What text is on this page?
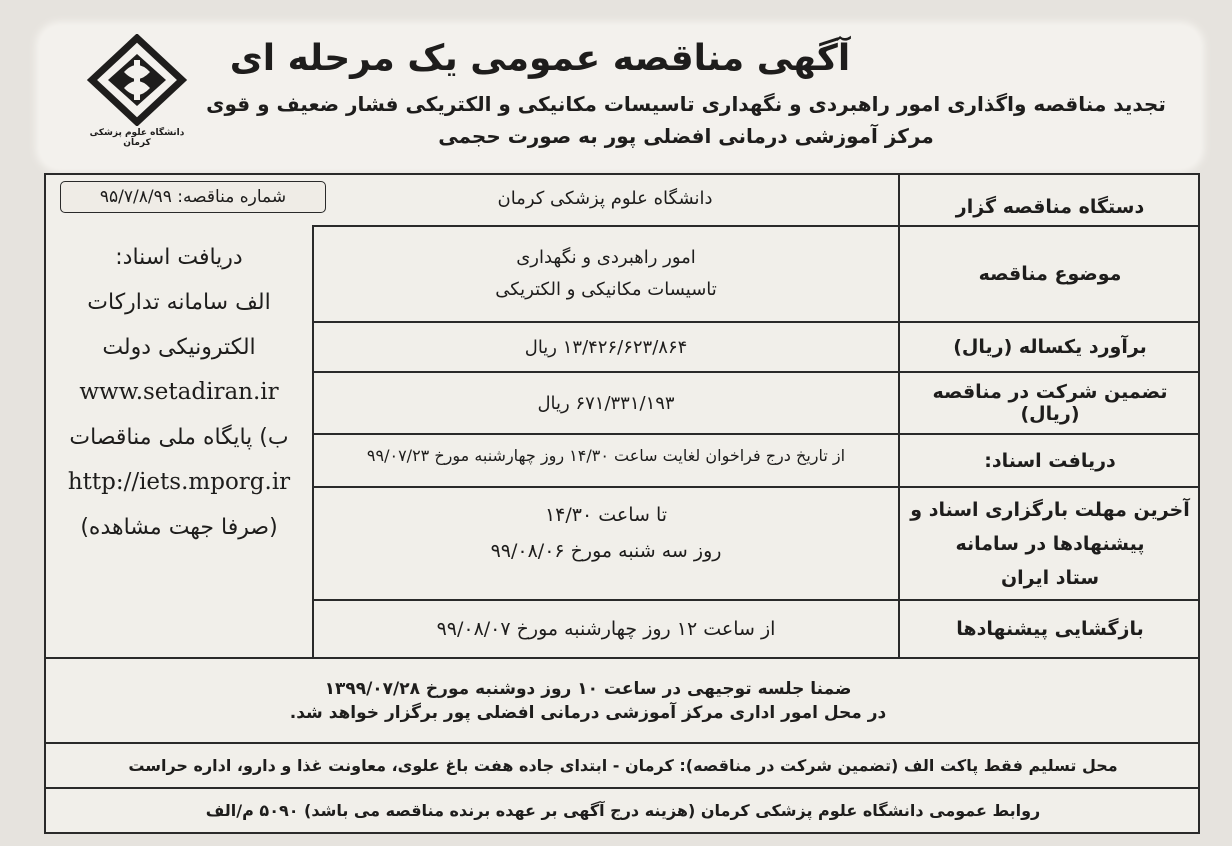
آگهی مناقصه عمومی یک مرحله ای
تجدید مناقصه واگذاری امور راهبردی و نگهداری تاسیسات مکانیکی و الکتریکی فشار ضعیف و قوی
مرکز آموزشی درمانی افضلی پور به صورت حجمی
دانشگاه علوم پزشکی کرمان
شماره مناقصه: ۹۵/۷/۸/۹۹	دستگاه مناقصه گزار
دانشگاه علوم پزشکی کرمان
موضوع مناقصه
امور راهبردی و نگهداری
تاسیسات مکانیکی و الکتریکی
برآورد یکساله (ریال)
۱۳/۴۲۶/۶۲۳/۸۶۴ ریال
تضمین شرکت در مناقصه (ریال)
۶۷۱/۳۳۱/۱۹۳ ریال
دریافت اسناد:
از تاریخ درج فراخوان لغایت ساعت ۱۴/۳۰ روز چهارشنبه مورخ ۹۹/۰۷/۲۳
آخرین مهلت بارگزاری اسناد و
پیشنهادها در سامانه
ستاد ایران
تا ساعت ۱۴/۳۰
روز سه شنبه مورخ ۹۹/۰۸/۰۶
بازگشایی پیشنهادها
از ساعت ۱۲ روز چهارشنبه مورخ ۹۹/۰۸/۰۷
دریافت اسناد:
الف سامانه تدارکات
الکترونیکی دولت
www.setadiran.ir
ب) پایگاه ملی مناقصات
http://iets.mporg.ir
(صرفا جهت مشاهده)
ضمنا جلسه توجیهی در ساعت ۱۰ روز دوشنبه مورخ ۱۳۹۹/۰۷/۲۸
در محل امور اداری مرکز آموزشی درمانی افضلی پور برگزار خواهد شد.
محل تسلیم فقط پاکت الف (تضمین شرکت در مناقصه): کرمان - ابتدای جاده هفت باغ علوی، معاونت غذا و دارو، اداره حراست
روابط عمومی دانشگاه علوم پزشکی کرمان (هزینه درج آگهی بر عهده برنده مناقصه می باشد) ۵۰۹۰ م/الف
